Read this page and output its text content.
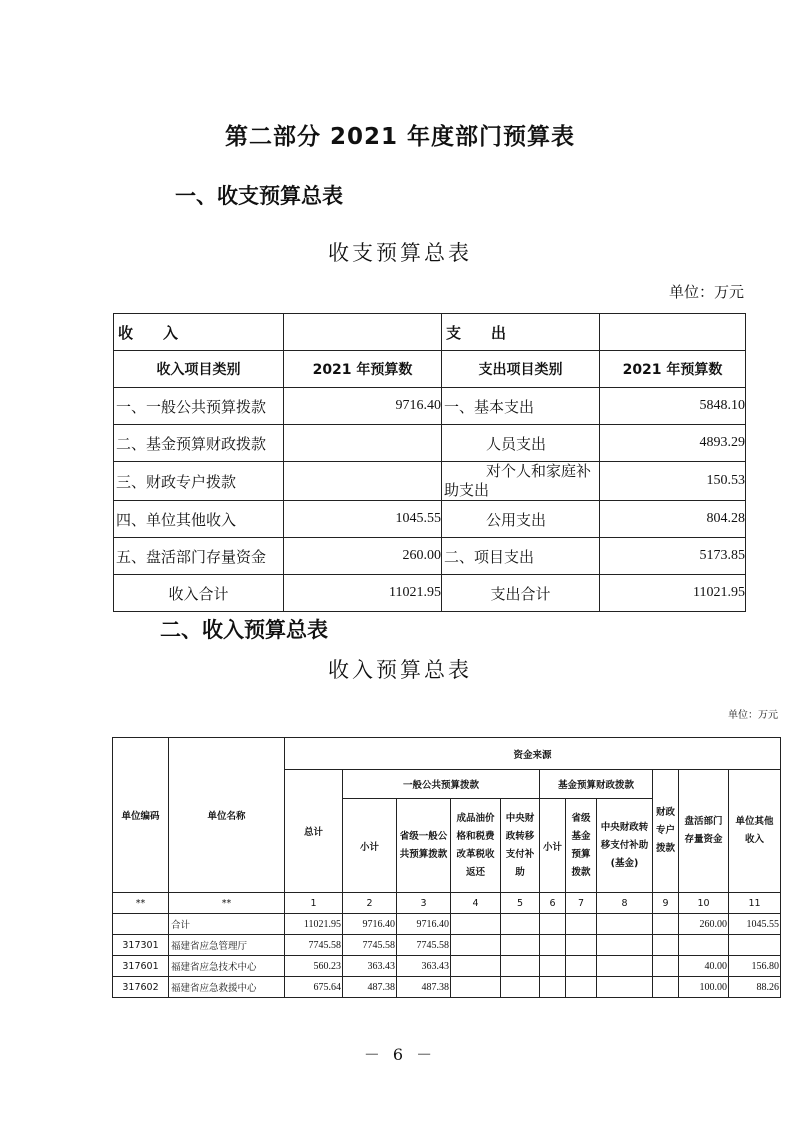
第二部分 2021 年度部门预算表
一、收支预算总表
收支预算总表
单位：万元
收　　入		支　　出	
收入项目类别	2021 年预算数	支出项目类别	2021 年预算数
一、一般公共预算拨款	9716.40	一、基本支出	5848.10
二、基金预算财政拨款		人员支出	4893.29
三、财政专户拨款		对个人和家庭补助支出	150.53
四、单位其他收入	1045.55	公用支出	804.28
五、盘活部门存量资金	260.00	二、项目支出	5173.85
收入合计	11021.95	支出合计	11021.95
二、收入预算总表
收入预算总表
单位：万元
单位编码	单位名称	资金来源										
		总计	一般公共预算拨款				基金预算财政拨款			财政专户拨款	盘活部门存量资金	单位其他收入
			小计	省级一般公共预算拨款	成品油价格和税费改革税收返还	中央财政转移支付补助	小计	省级基金预算拨款	中央财政转移支付补助(基金)			

**	**	1	2	3	4	5	6	7	8	9	10	11
	合计	11021.95	9716.40	9716.40							260.00	1045.55
317301	福建省应急管理厅	7745.58	7745.58	7745.58								
317601	福建省应急技术中心	560.23	363.43	363.43							40.00	156.80
317602	福建省应急救援中心	675.64	487.38	487.38							100.00	88.26
－ 6 －
